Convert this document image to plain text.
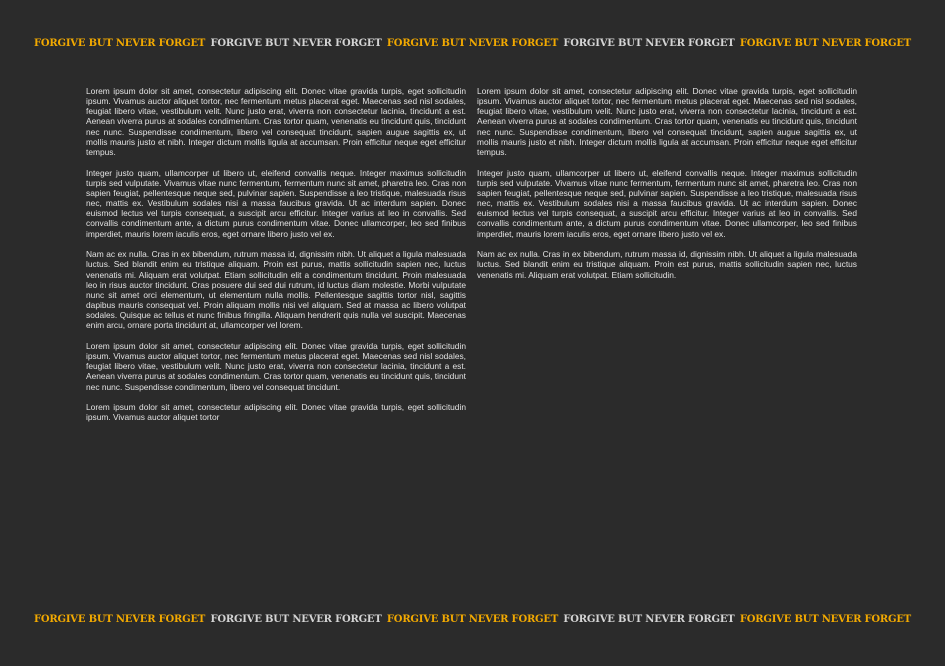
FORGIVE BUT NEVER FORGET FORGIVE BUT NEVER FORGET FORGIVE BUT NEVER FORGET FORGIVE BUT NEVER FORGET FORGIVE BUT NEVER FORGET

Lorem ipsum dolor sit amet, consectetur adipiscing elit. Donec vitae gravida turpis, eget sollicitudin ipsum. Vivamus auctor aliquet tortor, nec fermentum metus placerat eget. Maecenas sed nisl sodales, feugiat libero vitae, vestibulum velit. Nunc justo erat, viverra non consectetur lacinia, tincidunt a est. Aenean viverra purus at sodales condimentum. Cras tortor quam, venenatis eu tincidunt quis, tincidunt nec nunc. Suspendisse condimentum, libero vel consequat tincidunt, sapien augue sagittis ex, ut mollis mauris justo et nibh. Integer dictum mollis ligula at accumsan. Proin efficitur neque eget efficitur tempus.

Integer justo quam, ullamcorper ut libero ut, eleifend convallis neque. Integer maximus sollicitudin turpis sed vulputate. Vivamus vitae nunc fermentum, fermentum nunc sit amet, pharetra leo. Cras non sapien feugiat, pellentesque neque sed, pulvinar sapien. Suspendisse a leo tristique, malesuada risus nec, mattis ex. Vestibulum sodales nisi a massa faucibus gravida. Ut ac interdum sapien. Donec euismod lectus vel turpis consequat, a suscipit arcu efficitur. Integer varius at leo in convallis. Sed convallis condimentum ante, a dictum purus condimentum vitae. Donec ullamcorper, leo sed finibus imperdiet, mauris lorem iaculis eros, eget ornare libero justo vel ex.

Nam ac ex nulla. Cras in ex bibendum, rutrum massa id, dignissim nibh. Ut aliquet a ligula malesuada luctus. Sed blandit enim eu tristique aliquam. Proin est purus, mattis sollicitudin sapien nec, luctus venenatis mi. Aliquam erat volutpat. Etiam sollicitudin elit a condimentum tincidunt. Proin malesuada leo in risus auctor tincidunt. Cras posuere dui sed dui rutrum, id luctus diam molestie. Morbi vulputate nunc sit amet orci elementum, ut elementum nulla mollis. Pellentesque sagittis tortor nisl, sagittis dapibus mauris consequat vel. Proin aliquam mollis nisi vel aliquam. Sed at massa ac libero volutpat sodales. Quisque ac tellus et nunc finibus fringilla. Aliquam hendrerit quis nulla vel suscipit. Maecenas enim arcu, ornare porta tincidunt at, ullamcorper vel lorem.

Lorem ipsum dolor sit amet, consectetur adipiscing elit. Donec vitae gravida turpis, eget sollicitudin ipsum. Vivamus auctor aliquet tortor, nec fermentum metus placerat eget. Maecenas sed nisl sodales, feugiat libero vitae, vestibulum velit. Nunc justo erat, viverra non consectetur lacinia, tincidunt a est. Aenean viverra purus at sodales condimentum. Cras tortor quam, venenatis eu tincidunt quis, tincidunt nec nunc. Suspendisse condimentum, libero vel consequat tincidunt.

Lorem ipsum dolor sit amet, consectetur adipiscing elit. Donec vitae gravida turpis, eget sollicitudin ipsum. Vivamus auctor aliquet tortor

Lorem ipsum dolor sit amet, consectetur adipiscing elit. Donec vitae gravida turpis, eget sollicitudin ipsum. Vivamus auctor aliquet tortor, nec fermentum metus placerat eget. Maecenas sed nisl sodales, feugiat libero vitae, vestibulum velit. Nunc justo erat, viverra non consectetur lacinia, tincidunt a est. Aenean viverra purus at sodales condimentum. Cras tortor quam, venenatis eu tincidunt quis, tincidunt nec nunc. Suspendisse condimentum, libero vel consequat tincidunt, sapien augue sagittis ex, ut mollis mauris justo et nibh. Integer dictum mollis ligula at accumsan. Proin efficitur neque eget efficitur tempus.

Integer justo quam, ullamcorper ut libero ut, eleifend convallis neque. Integer maximus sollicitudin turpis sed vulputate. Vivamus vitae nunc fermentum, fermentum nunc sit amet, pharetra leo. Cras non sapien feugiat, pellentesque neque sed, pulvinar sapien. Suspendisse a leo tristique, malesuada risus nec, mattis ex. Vestibulum sodales nisi a massa faucibus gravida. Ut ac interdum sapien. Donec euismod lectus vel turpis consequat, a suscipit arcu efficitur. Integer varius at leo in convallis. Sed convallis condimentum ante, a dictum purus condimentum vitae. Donec ullamcorper, leo sed finibus imperdiet, mauris lorem iaculis eros, eget ornare libero justo vel ex.

Nam ac ex nulla. Cras in ex bibendum, rutrum massa id, dignissim nibh. Ut aliquet a ligula malesuada luctus. Sed blandit enim eu tristique aliquam. Proin est purus, mattis sollicitudin sapien nec, luctus venenatis mi. Aliquam erat volutpat. Etiam sollicitudin.

FORGIVE BUT NEVER FORGET FORGIVE BUT NEVER FORGET FORGIVE BUT NEVER FORGET FORGIVE BUT NEVER FORGET FORGIVE BUT NEVER FORGET
